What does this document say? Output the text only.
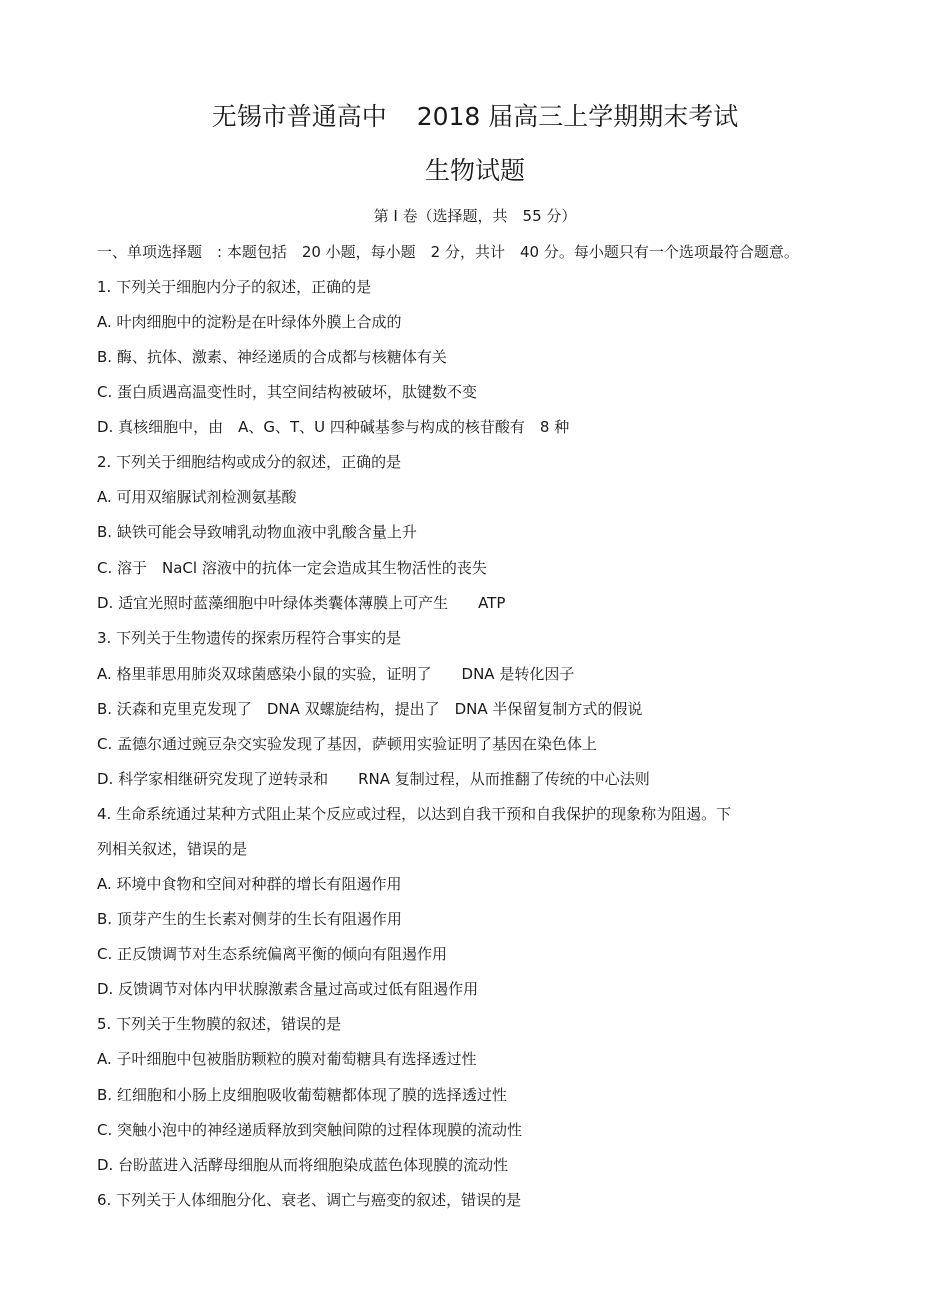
无锡市普通高中 2018 届高三上学期期末考试
生物试题
第 I 卷（选择题，共　55 分）
一、单项选择题　: 本题包括　20 小题，每小题　2 分，共计　40 分。每小题只有一个选项最符合题意。
1. 下列关于细胞内分子的叙述，正确的是
A. 叶肉细胞中的淀粉是在叶绿体外膜上合成的
B. 酶、抗体、激素、神经递质的合成都与核糖体有关
C. 蛋白质遇高温变性时，其空间结构被破坏，肽键数不变
D. 真核细胞中，由　A、G、T、U 四种碱基参与构成的核苷酸有　8 种
2. 下列关于细胞结构或成分的叙述，正确的是
A. 可用双缩脲试剂检测氨基酸
B. 缺铁可能会导致哺乳动物血液中乳酸含量上升
C. 溶于　NaCl 溶液中的抗体一定会造成其生物活性的丧失
D. 适宜光照时蓝藻细胞中叶绿体类囊体薄膜上可产生　　ATP
3. 下列关于生物遗传的探索历程符合事实的是
A. 格里菲思用肺炎双球菌感染小鼠的实验，证明了　　DNA 是转化因子
B. 沃森和克里克发现了　DNA 双螺旋结构，提出了　DNA 半保留复制方式的假说
C. 孟德尔通过豌豆杂交实验发现了基因，萨顿用实验证明了基因在染色体上
D. 科学家相继研究发现了逆转录和　　RNA 复制过程，从而推翻了传统的中心法则
4. 生命系统通过某种方式阻止某个反应或过程，以达到自我干预和自我保护的现象称为阻遏。下
列相关叙述，错误的是
A. 环境中食物和空间对种群的增长有阻遏作用
B. 顶芽产生的生长素对侧芽的生长有阻遏作用
C. 正反馈调节对生态系统偏离平衡的倾向有阻遏作用
D. 反馈调节对体内甲状腺激素含量过高或过低有阻遏作用
5. 下列关于生物膜的叙述，错误的是
A. 子叶细胞中包被脂肪颗粒的膜对葡萄糖具有选择透过性
B. 红细胞和小肠上皮细胞吸收葡萄糖都体现了膜的选择透过性
C. 突触小泡中的神经递质释放到突触间隙的过程体现膜的流动性
D. 台盼蓝进入活酵母细胞从而将细胞染成蓝色体现膜的流动性
6. 下列关于人体细胞分化、衰老、调亡与癌变的叙述，错误的是
